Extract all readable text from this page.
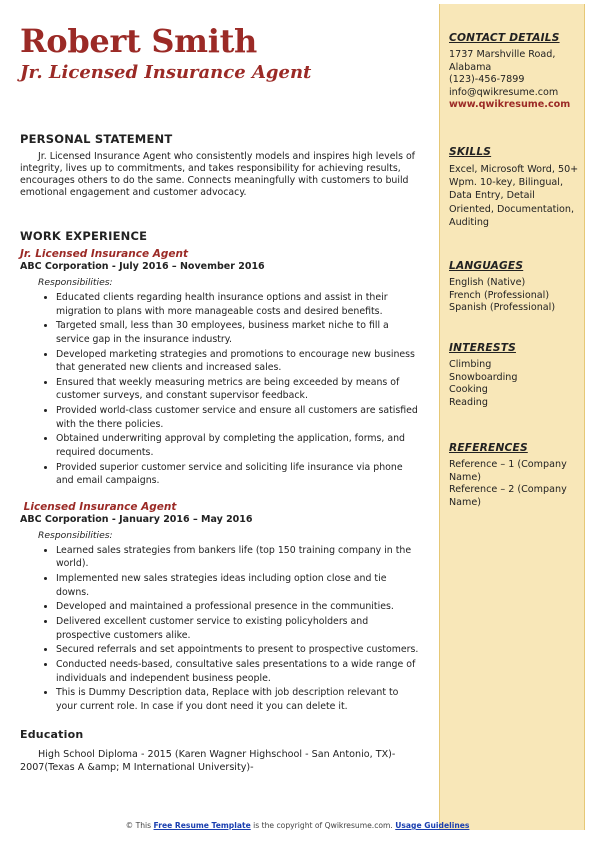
Robert Smith
Jr. Licensed Insurance Agent
PERSONAL STATEMENT
Jr. Licensed Insurance Agent who consistently models and inspires high levels of integrity, lives up to commitments, and takes responsibility for achieving results, encourages others to do the same. Connects meaningfully with customers to build emotional engagement and customer advocacy.
WORK EXPERIENCE
Jr. Licensed Insurance Agent
ABC Corporation - July 2016 – November 2016
Responsibilities:
• Educated clients regarding health insurance options and assist in their migration to plans with more manageable costs and desired benefits.
• Targeted small, less than 30 employees, business market niche to fill a service gap in the insurance industry.
• Developed marketing strategies and promotions to encourage new business that generated new clients and increased sales.
• Ensured that weekly measuring metrics are being exceeded by means of customer surveys, and constant supervisor feedback.
• Provided world-class customer service and ensure all customers are satisfied with the there policies.
• Obtained underwriting approval by completing the application, forms, and required documents.
• Provided superior customer service and soliciting life insurance via phone and email campaigns.
Licensed Insurance Agent
ABC Corporation - January 2016 – May 2016
Responsibilities:
• Learned sales strategies from bankers life (top 150 training company in the world).
• Implemented new sales strategies ideas including option close and tie downs.
• Developed and maintained a professional presence in the communities.
• Delivered excellent customer service to existing policyholders and prospective customers alike.
• Secured referrals and set appointments to present to prospective customers.
• Conducted needs-based, consultative sales presentations to a wide range of individuals and independent business people.
• This is Dummy Description data, Replace with job description relevant to your current role. In case if you dont need it you can delete it.
Education
High School Diploma - 2015 (Karen Wagner Highschool - San Antonio, TX)- 2007(Texas A &amp; M International University)-
CONTACT DETAILS
1737 Marshville Road, Alabama
(123)-456-7899
info@qwikresume.com
www.qwikresume.com
SKILLS
Excel, Microsoft Word, 50+ Wpm. 10-key, Bilingual, Data Entry, Detail Oriented, Documentation, Auditing
LANGUAGES
English (Native)
French (Professional)
Spanish (Professional)
INTERESTS
Climbing
Snowboarding
Cooking
Reading
REFERENCES
Reference – 1 (Company Name)
Reference – 2 (Company Name)
© This Free Resume Template is the copyright of Qwikresume.com. Usage Guidelines
